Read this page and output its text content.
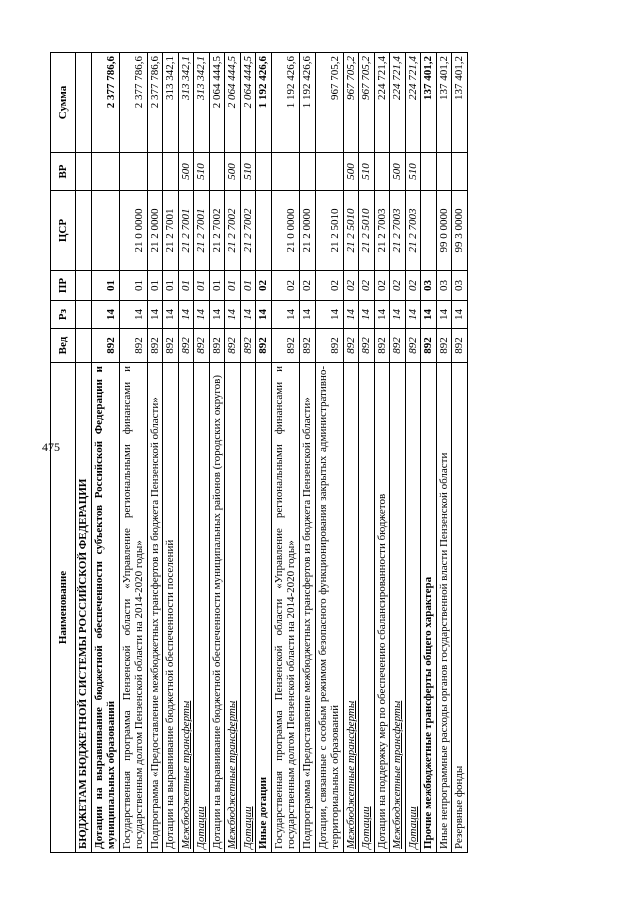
475
Наименование	Вед	Рз	ПР	ЦСР	ВР	Сумма
БЮДЖЕТАМ БЮДЖЕТНОЙ СИСТЕМЫ РОССИЙСКОЙ ФЕДЕРАЦИИ						
Дотации на выравнивание бюджетной обеспеченности субъектов Российской Федерации и муниципальных образований	892	14	01			2 377 786,6
Государственная программа Пензенской области «Управление региональными финансами и государственным долгом Пензенской области на 2014-2020 годы»	892	14	01	21 0 0000		2 377 786,6
Подпрограмма «Предоставление межбюджетных трансфертов из бюджета Пензенской области»	892	14	01	21 2 0000		2 377 786,6
Дотации на выравнивание бюджетной обеспеченности поселений	892	14	01	21 2 7001		313 342,1
Межбюджетные трансферты	892	14	01	21 2 7001	500	313 342,1
Дотации	892	14	01	21 2 7001	510	313 342,1
Дотации на выравнивание бюджетной обеспеченности муниципальных районов (городских округов)	892	14	01	21 2 7002		2 064 444,5
Межбюджетные трансферты	892	14	01	21 2 7002	500	2 064 444,5
Дотации	892	14	01	21 2 7002	510	2 064 444,5
Иные дотации	892	14	02			1 192 426,6
Государственная программа Пензенской области «Управление региональными финансами и государственным долгом Пензенской области на 2014-2020 годы»	892	14	02	21 0 0000		1 192 426,6
Подпрограмма «Предоставление межбюджетных трансфертов из бюджета Пензенской области»	892	14	02	21 2 0000		1 192 426,6
Дотации, связанные с особым режимом безопасного функционирования закрытых административно-территориальных образований	892	14	02	21 2 5010		967 705,2
Межбюджетные трансферты	892	14	02	21 2 5010	500	967 705,2
Дотации	892	14	02	21 2 5010	510	967 705,2
Дотации на поддержку мер по обеспечению сбалансированности бюджетов	892	14	02	21 2 7003		224 721,4
Межбюджетные трансферты	892	14	02	21 2 7003	500	224 721,4
Дотации	892	14	02	21 2 7003	510	224 721,4
Прочие межбюджетные трансферты общего характера	892	14	03			137 401,2
Иные непрограммные расходы органов государственной власти Пензенской области	892	14	03	99 0 0000		137 401,2
Резервные фонды	892	14	03	99 3 0000		137 401,2
